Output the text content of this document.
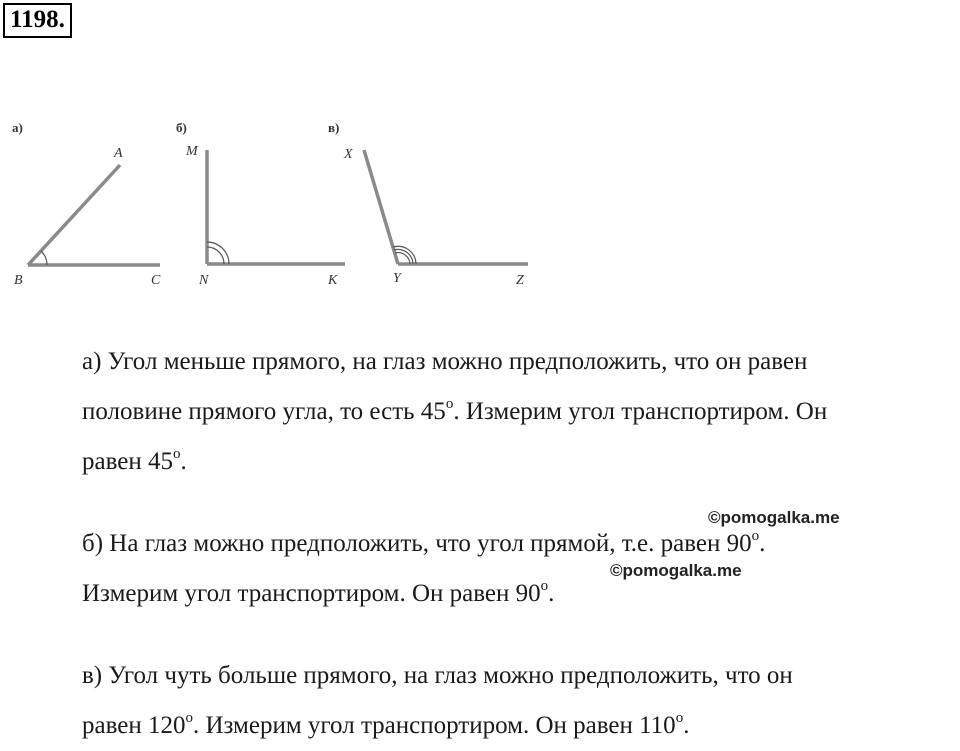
1198.
а)
A
B	C
б)
M
N	K
в)
X
Y	Z

а) Угол меньше прямого, на глаз можно предположить, что он равен
половине прямого угла, то есть 45$^o$. Измерим угол транспортиром. Он
равен 45$^o$.

б) На глаз можно предположить, что угол прямой, т.е. равен 90$^o$.
Измерим угол транспортиром. Он равен 90$^o$.

в) Угол чуть больше прямого, на глаз можно предположить, что он
равен 120$^o$. Измерим угол транспортиром. Он равен 110$^o$.

©pomogalka.me
©pomogalka.me
